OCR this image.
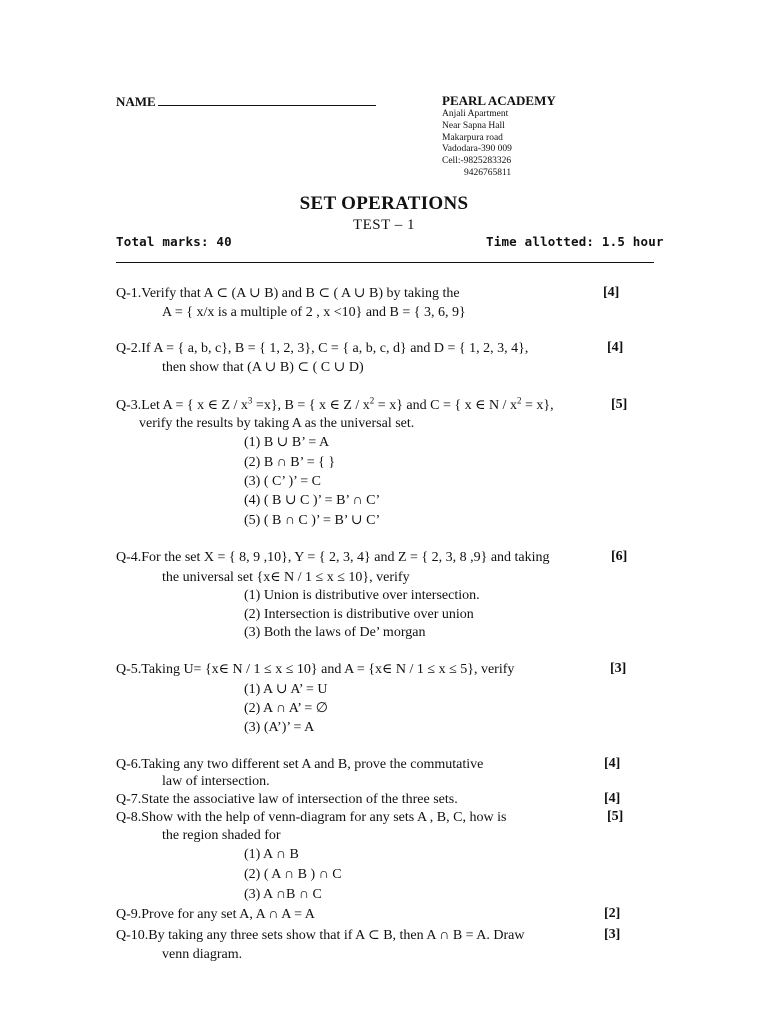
NAME	PEARL ACADEMY
Anjali Apartment
Near Sapna Hall
Makarpura road
Vadodara-390 009
Cell:-9825283326
9426765811
SET OPERATIONS
TEST – 1
Total marks: 40	Time allotted: 1.5 hour
Q-1.Verify that A ⊂ (A ∪ B) and B ⊂ ( A ∪ B) by taking the	[4]
A = { x/x is a multiple of 2 , x <10} and B = { 3, 6, 9}
Q-2.If A = { a, b, c}, B = { 1, 2, 3}, C = { a, b, c, d} and D = { 1, 2, 3, 4},	[4]
then show that (A ∪ B) ⊂ ( C ∪ D)
Q-3.Let A = { x ∈ $Z / x^3 =x$}, B = { x ∈ $Z / x^2 = x$} and C = { x ∈ $N / x^2 = x$},	[5]
verify the results by taking A as the universal set.
(1) B ∪ B’ = A
(2) B ∩ B’ = { }
(3) ( C’ )’ = C
(4) ( B ∪ C )’ = B’ ∩ C’
(5) ( B ∩ C )’ = B’ ∪ C’
Q-4.For the set X = { 8, 9 ,10}, Y = { 2, 3, 4} and Z = { 2, 3, 8 ,9} and taking	[6]
the universal set {x∈ N / 1 ≤ x ≤ 10}, verify
(1) Union is distributive over intersection.
(2) Intersection is distributive over union
(3) Both the laws of De’ morgan
Q-5.Taking U= {x∈ N / 1 ≤ x ≤ 10} and A = {x∈ N / 1 ≤ x ≤ 5}, verify	[3]
(1) A ∪ A’ = U
(2) A ∩ A’ = ∅
(3) (A’)’ = A
Q-6.Taking any two different set A and B, prove the commutative	[4]
law of intersection.
Q-7.State the associative law of intersection of the three sets.	[4]
Q-8.Show with the help of venn-diagram for any sets A , B, C, how is	[5]
the region shaded for
(1) A ∩ B
(2) ( A ∩ B ) ∩ C
(3) A ∩B ∩ C
Q-9.Prove for any set A, A ∩ A = A	[2]
Q-10.By taking any three sets show that if A ⊂ B, then A ∩ B = A. Draw	[3]
venn diagram.
